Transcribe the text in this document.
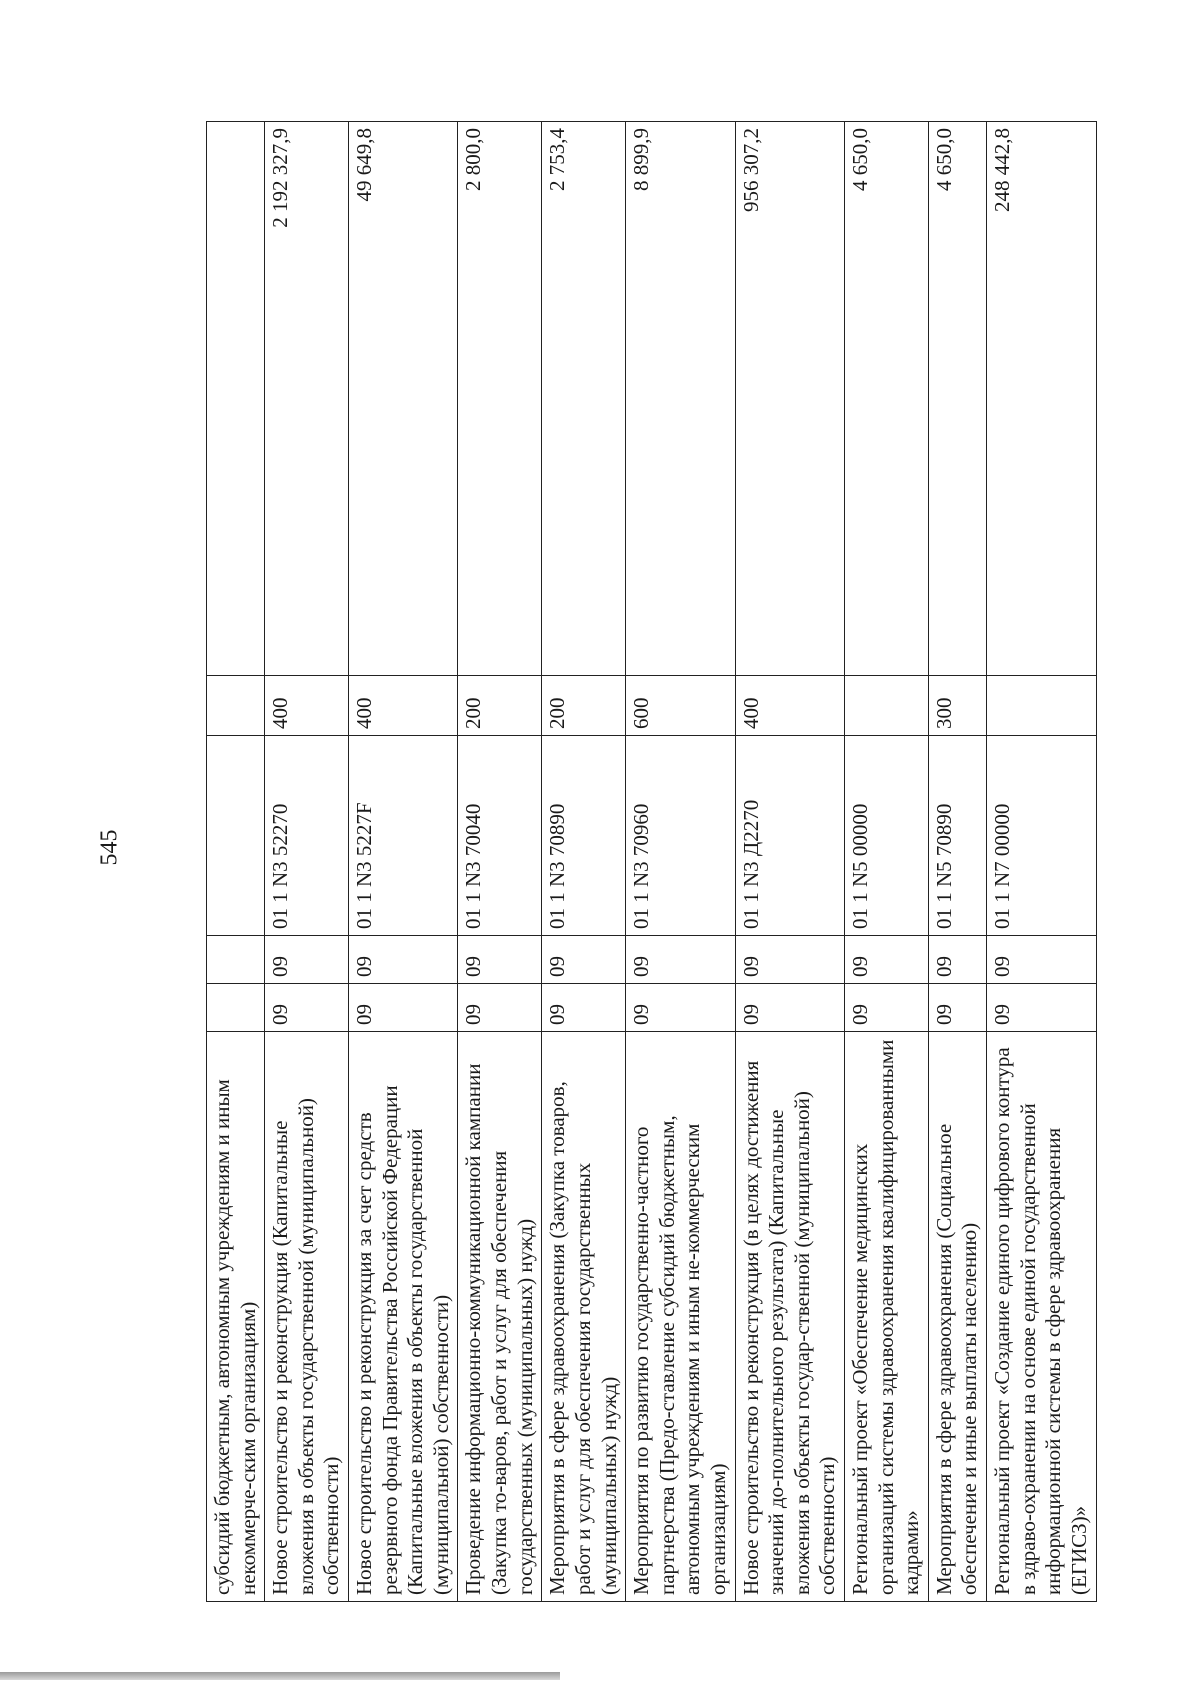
545
субсидий бюджетным, автономным учреждениям и иным некоммерче-ским организациям)					
Новое строительство и реконструкция (Капитальные вложения в объекты государственной (муниципальной) собственности)	09	09	01 1 N3 52270	400	2 192 327,9
Новое строительство и реконструкция за счет средств резервного фонда Правительства Российской Федерации (Капитальные вложения в объекты государственной (муниципальной) собственности)	09	09	01 1 N3 5227F	400	49 649,8
Проведение информационно-коммуникационной кампании (Закупка то-варов, работ и услуг для обеспечения государственных (муниципальных) нужд)	09	09	01 1 N3 70040	200	2 800,0
Мероприятия в сфере здравоохранения (Закупка товаров, работ и услуг для обеспечения государственных (муниципальных) нужд)	09	09	01 1 N3 70890	200	2 753,4
Мероприятия по развитию государственно-частного партнерства (Предо-ставление субсидий бюджетным, автономным учреждениям и иным не-коммерческим организациям)	09	09	01 1 N3 70960	600	8 899,9
Новое строительство и реконструкция (в целях достижения значений до-полнительного результата) (Капитальные вложения в объекты государ-ственной (муниципальной) собственности)	09	09	01 1 N3 Д2270	400	956 307,2
Региональный проект «Обеспечение медицинских организаций системы здравоохранения квалифицированными кадрами»	09	09	01 1 N5 00000		4 650,0
Мероприятия в сфере здравоохранения (Социальное обеспечение и иные выплаты населению)	09	09	01 1 N5 70890	300	4 650,0
Региональный проект «Создание единого цифрового контура в здраво-охранении на основе единой государственной информационной системы в сфере здравоохранения (ЕГИСЗ)»	09	09	01 1 N7 00000		248 442,8
